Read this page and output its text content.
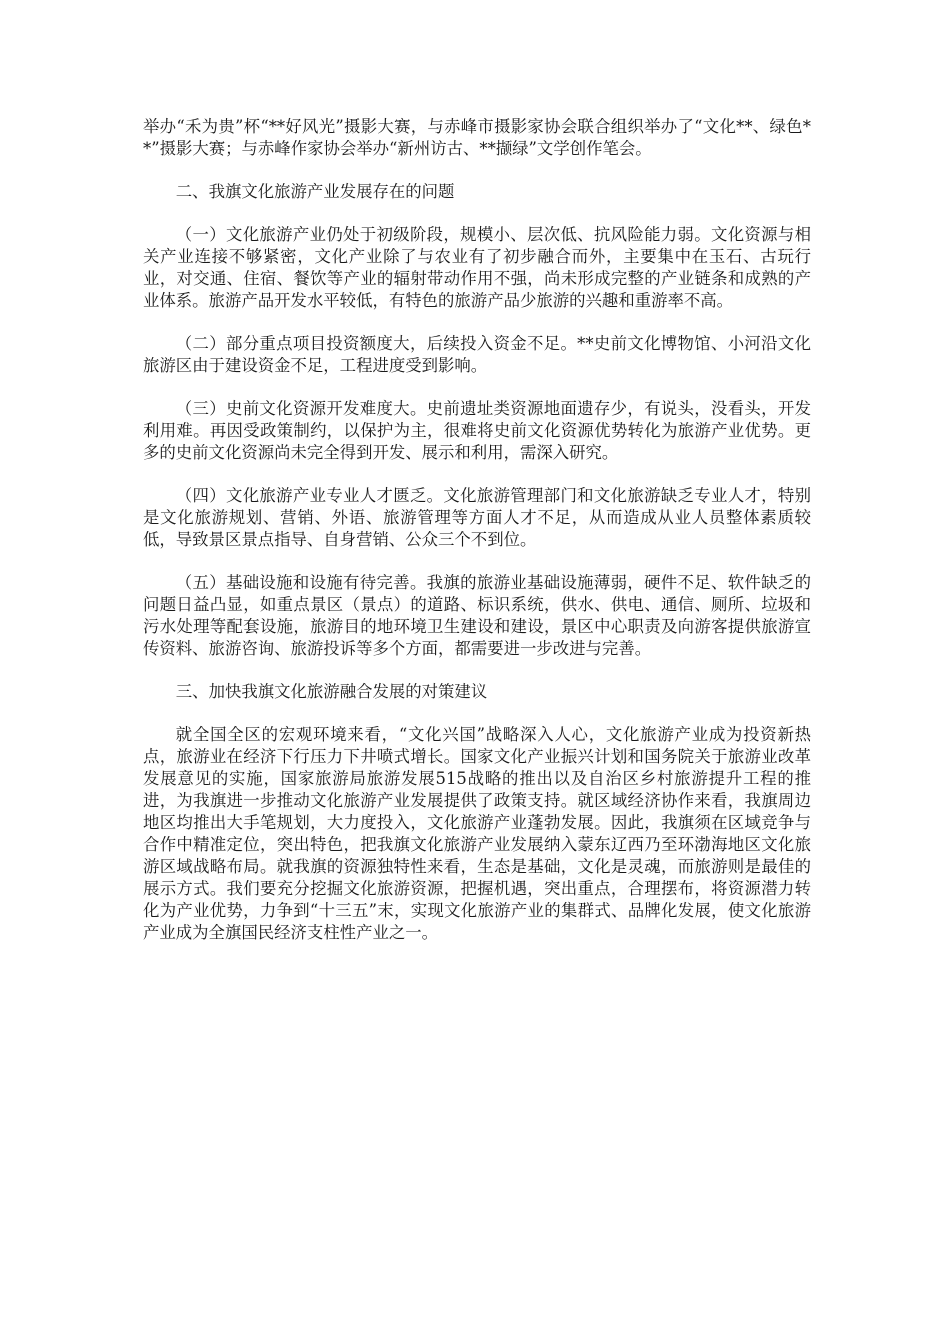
举办“禾为贵”杯“**好风光”摄影大赛，与赤峰市摄影家协会联合组织举办了“文化**、绿色**”摄影大赛；与赤峰作家协会举办“新州访古、**撷绿”文学创作笔会。

二、我旗文化旅游产业发展存在的问题

（一）文化旅游产业仍处于初级阶段，规模小、层次低、抗风险能力弱。文化资源与相关产业连接不够紧密，文化产业除了与农业有了初步融合而外，主要集中在玉石、古玩行业，对交通、住宿、餐饮等产业的辐射带动作用不强，尚未形成完整的产业链条和成熟的产业体系。旅游产品开发水平较低，有特色的旅游产品少旅游的兴趣和重游率不高。

（二）部分重点项目投资额度大，后续投入资金不足。**史前文化博物馆、小河沿文化旅游区由于建设资金不足，工程进度受到影响。

（三）史前文化资源开发难度大。史前遗址类资源地面遗存少，有说头，没看头，开发利用难。再因受政策制约，以保护为主，很难将史前文化资源优势转化为旅游产业优势。更多的史前文化资源尚未完全得到开发、展示和利用，需深入研究。

（四）文化旅游产业专业人才匮乏。文化旅游管理部门和文化旅游缺乏专业人才，特别是文化旅游规划、营销、外语、旅游管理等方面人才不足，从而造成从业人员整体素质较低，导致景区景点指导、自身营销、公众三个不到位。

（五）基础设施和设施有待完善。我旗的旅游业基础设施薄弱，硬件不足、软件缺乏的问题日益凸显，如重点景区（景点）的道路、标识系统，供水、供电、通信、厕所、垃圾和污水处理等配套设施，旅游目的地环境卫生建设和建设，景区中心职责及向游客提供旅游宣传资料、旅游咨询、旅游投诉等多个方面，都需要进一步改进与完善。

三、加快我旗文化旅游融合发展的对策建议

就全国全区的宏观环境来看，“文化兴国”战略深入人心，文化旅游产业成为投资新热点，旅游业在经济下行压力下井喷式增长。国家文化产业振兴计划和国务院关于旅游业改革发展意见的实施，国家旅游局旅游发展515战略的推出以及自治区乡村旅游提升工程的推进，为我旗进一步推动文化旅游产业发展提供了政策支持。就区域经济协作来看，我旗周边地区均推出大手笔规划，大力度投入，文化旅游产业蓬勃发展。因此，我旗须在区域竞争与合作中精准定位，突出特色，把我旗文化旅游产业发展纳入蒙东辽西乃至环渤海地区文化旅游区域战略布局。就我旗的资源独特性来看，生态是基础，文化是灵魂，而旅游则是最佳的展示方式。我们要充分挖掘文化旅游资源，把握机遇，突出重点，合理摆布，将资源潜力转化为产业优势，力争到“十三五”末，实现文化旅游产业的集群式、品牌化发展，使文化旅游产业成为全旗国民经济支柱性产业之一。
